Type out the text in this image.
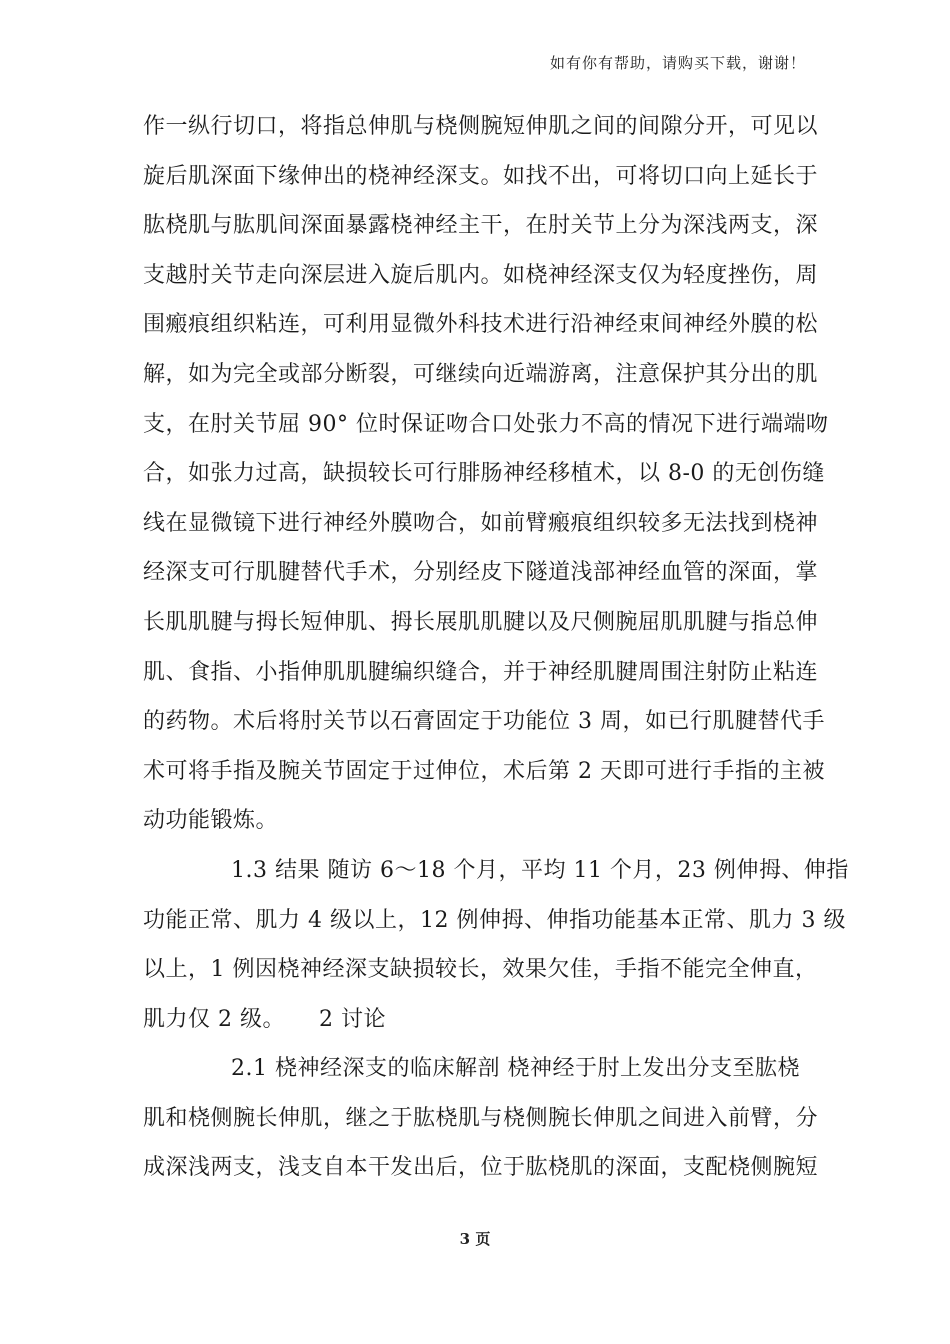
如有你有帮助，请购买下载，谢谢！
作一纵行切口，将指总伸肌与桡侧腕短伸肌之间的间隙分开，可见以
旋后肌深面下缘伸出的桡神经深支。如找不出，可将切口向上延长于
肱桡肌与肱肌间深面暴露桡神经主干，在肘关节上分为深浅两支，深
支越肘关节走向深层进入旋后肌内。如桡神经深支仅为轻度挫伤，周
围瘢痕组织粘连，可利用显微外科技术进行沿神经束间神经外膜的松
解，如为完全或部分断裂，可继续向近端游离，注意保护其分出的肌
支，在肘关节屈 90° 位时保证吻合口处张力不高的情况下进行端端吻
合，如张力过高，缺损较长可行腓肠神经移植术，以 8-0 的无创伤缝
线在显微镜下进行神经外膜吻合，如前臂瘢痕组织较多无法找到桡神
经深支可行肌腱替代手术，分别经皮下隧道浅部神经血管的深面，掌
长肌肌腱与拇长短伸肌、拇长展肌肌腱以及尺侧腕屈肌肌腱与指总伸
肌、食指、小指伸肌肌腱编织缝合，并于神经肌腱周围注射防止粘连
的药物。术后将肘关节以石膏固定于功能位 3 周，如已行肌腱替代手
术可将手指及腕关节固定于过伸位，术后第 2 天即可进行手指的主被
动功能锻炼。
1.3 结果 随访 6～18 个月，平均 11 个月，23 例伸拇、伸指
功能正常、肌力 4 级以上，12 例伸拇、伸指功能基本正常、肌力 3 级
以上，1 例因桡神经深支缺损较长，效果欠佳，手指不能完全伸直，
肌力仅 2 级。　　2 讨论
2.1 桡神经深支的临床解剖 桡神经于肘上发出分支至肱桡
肌和桡侧腕长伸肌，继之于肱桡肌与桡侧腕长伸肌之间进入前臂，分
成深浅两支，浅支自本干发出后，位于肱桡肌的深面，支配桡侧腕短
3 页
